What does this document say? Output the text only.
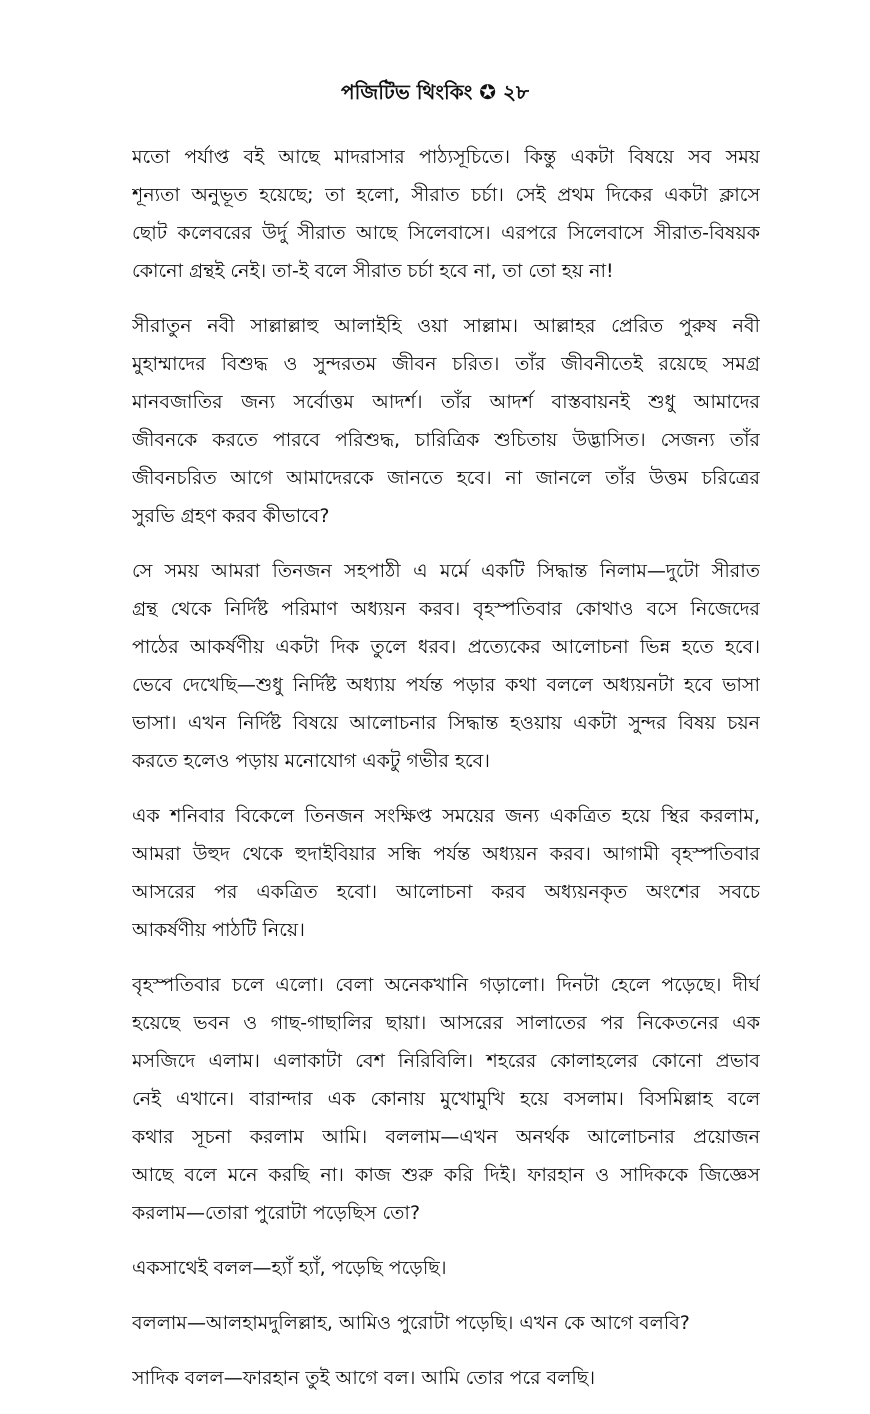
পজিটিভ থিংকিং ✪ ২৮
মতো পর্যাপ্ত বই আছে মাদরাসার পাঠ্যসূচিতে। কিন্তু একটা বিষয়ে সব সময়
শূন্যতা অনুভূত হয়েছে; তা হলো, সীরাত চর্চা। সেই প্রথম দিকের একটা ক্লাসে
ছোট কলেবরের উর্দু সীরাত আছে সিলেবাসে। এরপরে সিলেবাসে সীরাত-বিষয়ক
কোনো গ্রন্থই নেই। তা-ই বলে সীরাত চর্চা হবে না, তা তো হয় না!
সীরাতুন নবী সাল্লাল্লাহু আলাইহি ওয়া সাল্লাম। আল্লাহর প্রেরিত পুরুষ নবী
মুহাম্মাদের বিশুদ্ধ ও সুন্দরতম জীবন চরিত। তাঁর জীবনীতেই রয়েছে সমগ্র
মানবজাতির জন্য সর্বোত্তম আদর্শ। তাঁর আদর্শ বাস্তবায়নই শুধু আমাদের
জীবনকে করতে পারবে পরিশুদ্ধ, চারিত্রিক শুচিতায় উদ্ভাসিত। সেজন্য তাঁর
জীবনচরিত আগে আমাদেরকে জানতে হবে। না জানলে তাঁর উত্তম চরিত্রের
সুরভি গ্রহণ করব কীভাবে?
সে সময় আমরা তিনজন সহপাঠী এ মর্মে একটি সিদ্ধান্ত নিলাম—দুটো সীরাত
গ্রন্থ থেকে নির্দিষ্ট পরিমাণ অধ্যয়ন করব। বৃহস্পতিবার কোথাও বসে নিজেদের
পাঠের আকর্ষণীয় একটা দিক তুলে ধরব। প্রত্যেকের আলোচনা ভিন্ন হতে হবে।
ভেবে দেখেছি—শুধু নির্দিষ্ট অধ্যায় পর্যন্ত পড়ার কথা বললে অধ্যয়নটা হবে ভাসা
ভাসা। এখন নির্দিষ্ট বিষয়ে আলোচনার সিদ্ধান্ত হওয়ায় একটা সুন্দর বিষয় চয়ন
করতে হলেও পড়ায় মনোযোগ একটু গভীর হবে।
এক শনিবার বিকেলে তিনজন সংক্ষিপ্ত সময়ের জন্য একত্রিত হয়ে স্থির করলাম,
আমরা উহুদ থেকে হুদাইবিয়ার সন্ধি পর্যন্ত অধ্যয়ন করব। আগামী বৃহস্পতিবার
আসরের পর একত্রিত হবো। আলোচনা করব অধ্যয়নকৃত অংশের সবচে
আকর্ষণীয় পাঠটি নিয়ে।
বৃহস্পতিবার চলে এলো। বেলা অনেকখানি গড়ালো। দিনটা হেলে পড়েছে। দীর্ঘ
হয়েছে ভবন ও গাছ-গাছালির ছায়া। আসরের সালাতের পর নিকেতনের এক
মসজিদে এলাম। এলাকাটা বেশ নিরিবিলি। শহরের কোলাহলের কোনো প্রভাব
নেই এখানে। বারান্দার এক কোনায় মুখোমুখি হয়ে বসলাম। বিসমিল্লাহ বলে
কথার সূচনা করলাম আমি। বললাম—এখন অনর্থক আলোচনার প্রয়োজন
আছে বলে মনে করছি না। কাজ শুরু করি দিই। ফারহান ও সাদিককে জিজ্ঞেস
করলাম—তোরা পুরোটা পড়েছিস তো?
একসাথেই বলল—হ্যাঁ হ্যাঁ, পড়েছি পড়েছি।
বললাম—আলহামদুলিল্লাহ, আমিও পুরোটা পড়েছি। এখন কে আগে বলবি?
সাদিক বলল—ফারহান তুই আগে বল। আমি তোর পরে বলছি।
